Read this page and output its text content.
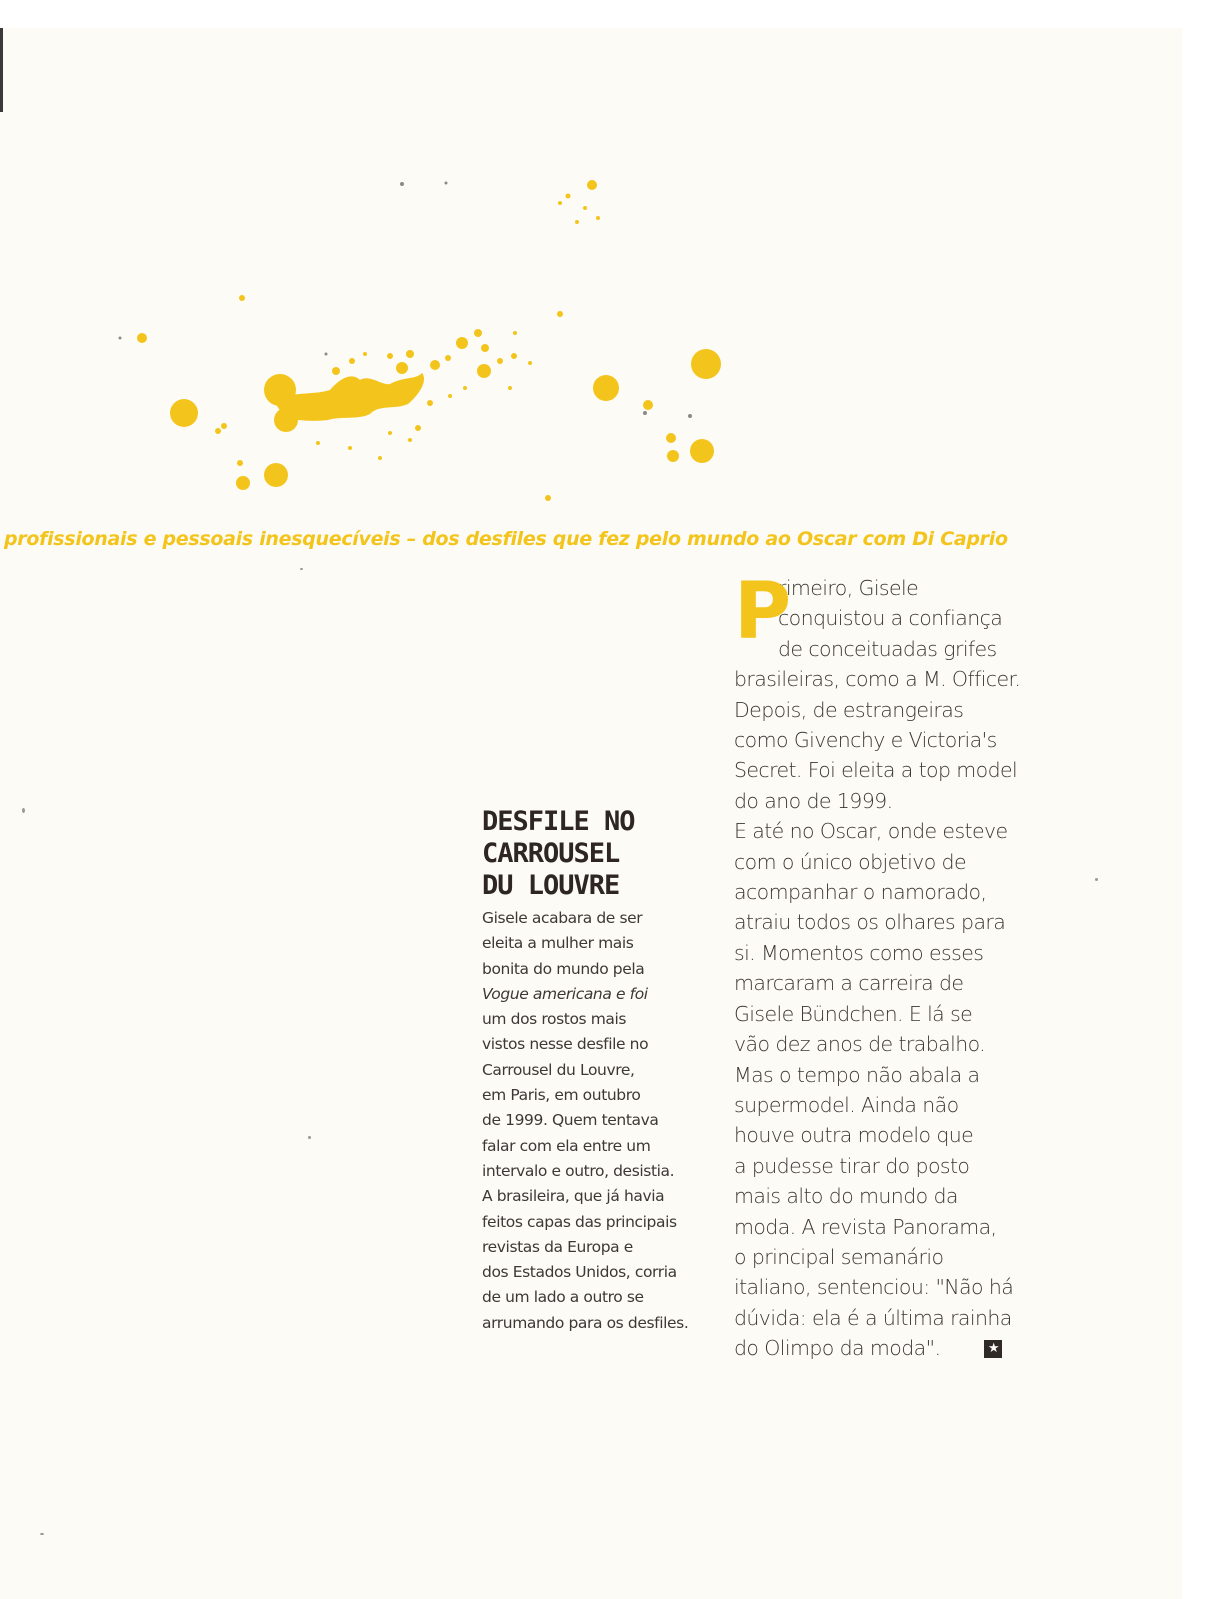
profissionais e pessoais inesquecíveis – dos desfiles que fez pelo mundo ao Oscar com Di Caprio
DESFILE NO
CARROUSEL
DU LOUVRE

Gisele acabara de ser
eleita a mulher mais
bonita do mundo pela
Vogue americana e foi
um dos rostos mais
vistos nesse desfile no
Carrousel du Louvre,
em Paris, em outubro
de 1999. Quem tentava
falar com ela entre um
intervalo e outro, desistia.
A brasileira, que já havia
feitos capas das principais
revistas da Europa e
dos Estados Unidos, corria
de um lado a outro se
arrumando para os desfiles.

P
rimeiro, Gisele
conquistou a confiança
de conceituadas grifes
brasileiras, como a M. Officer.
Depois, de estrangeiras
como Givenchy e Victoria's
Secret. Foi eleita a top model
do ano de 1999.
E até no Oscar, onde esteve
com o único objetivo de
acompanhar o namorado,
atraiu todos os olhares para
si. Momentos como esses
marcaram a carreira de
Gisele Bündchen. E lá se
vão dez anos de trabalho.
Mas o tempo não abala a
supermodel. Ainda não
houve outra modelo que
a pudesse tirar do posto
mais alto do mundo da
moda. A revista Panorama,
o principal semanário
italiano, sentenciou: "Não há
dúvida: ela é a última rainha
do Olimpo da moda".	★
